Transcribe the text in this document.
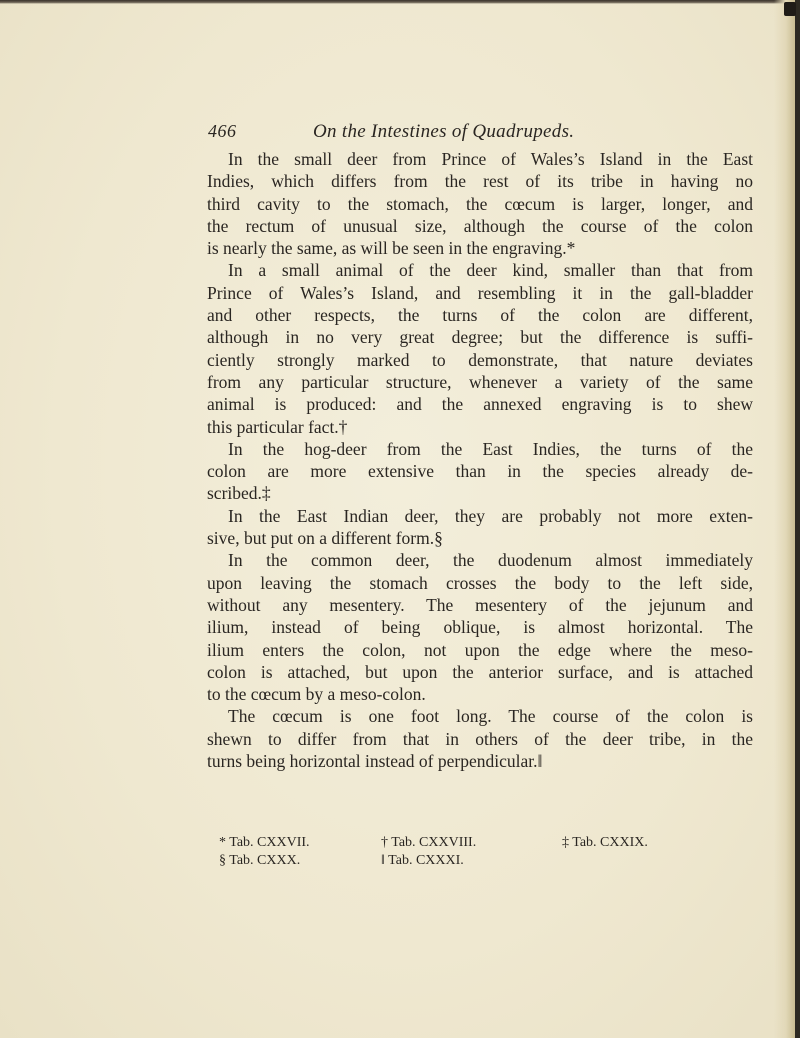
466	On the Intestines of Quadrupeds.
In the small deer from Prince of Wales’s Island in the East
Indies, which differs from the rest of its tribe in having no
third cavity to the stomach, the cœcum is larger, longer, and
the rectum of unusual size, although the course of the colon
is nearly the same, as will be seen in the engraving.*
In a small animal of the deer kind, smaller than that from
Prince of Wales’s Island, and resembling it in the gall-bladder
and other respects, the turns of the colon are different,
although in no very great degree; but the difference is suffi-
ciently strongly marked to demonstrate, that nature deviates
from any particular structure, whenever a variety of the same
animal is produced: and the annexed engraving is to shew
this particular fact.†
In the hog-deer from the East Indies, the turns of the
colon are more extensive than in the species already de-
scribed.‡
In the East Indian deer, they are probably not more exten-
sive, but put on a different form.§
In the common deer, the duodenum almost immediately
upon leaving the stomach crosses the body to the left side,
without any mesentery. The mesentery of the jejunum and
ilium, instead of being oblique, is almost horizontal. The
ilium enters the colon, not upon the edge where the meso-
colon is attached, but upon the anterior surface, and is attached
to the cœcum by a meso-colon.
The cœcum is one foot long. The course of the colon is
shewn to differ from that in others of the deer tribe, in the
turns being horizontal instead of perpendicular.‖
* Tab. CXXVII.	† Tab. CXXVIII.	‡ Tab. CXXIX.
§ Tab. CXXX.	‖ Tab. CXXXI.
